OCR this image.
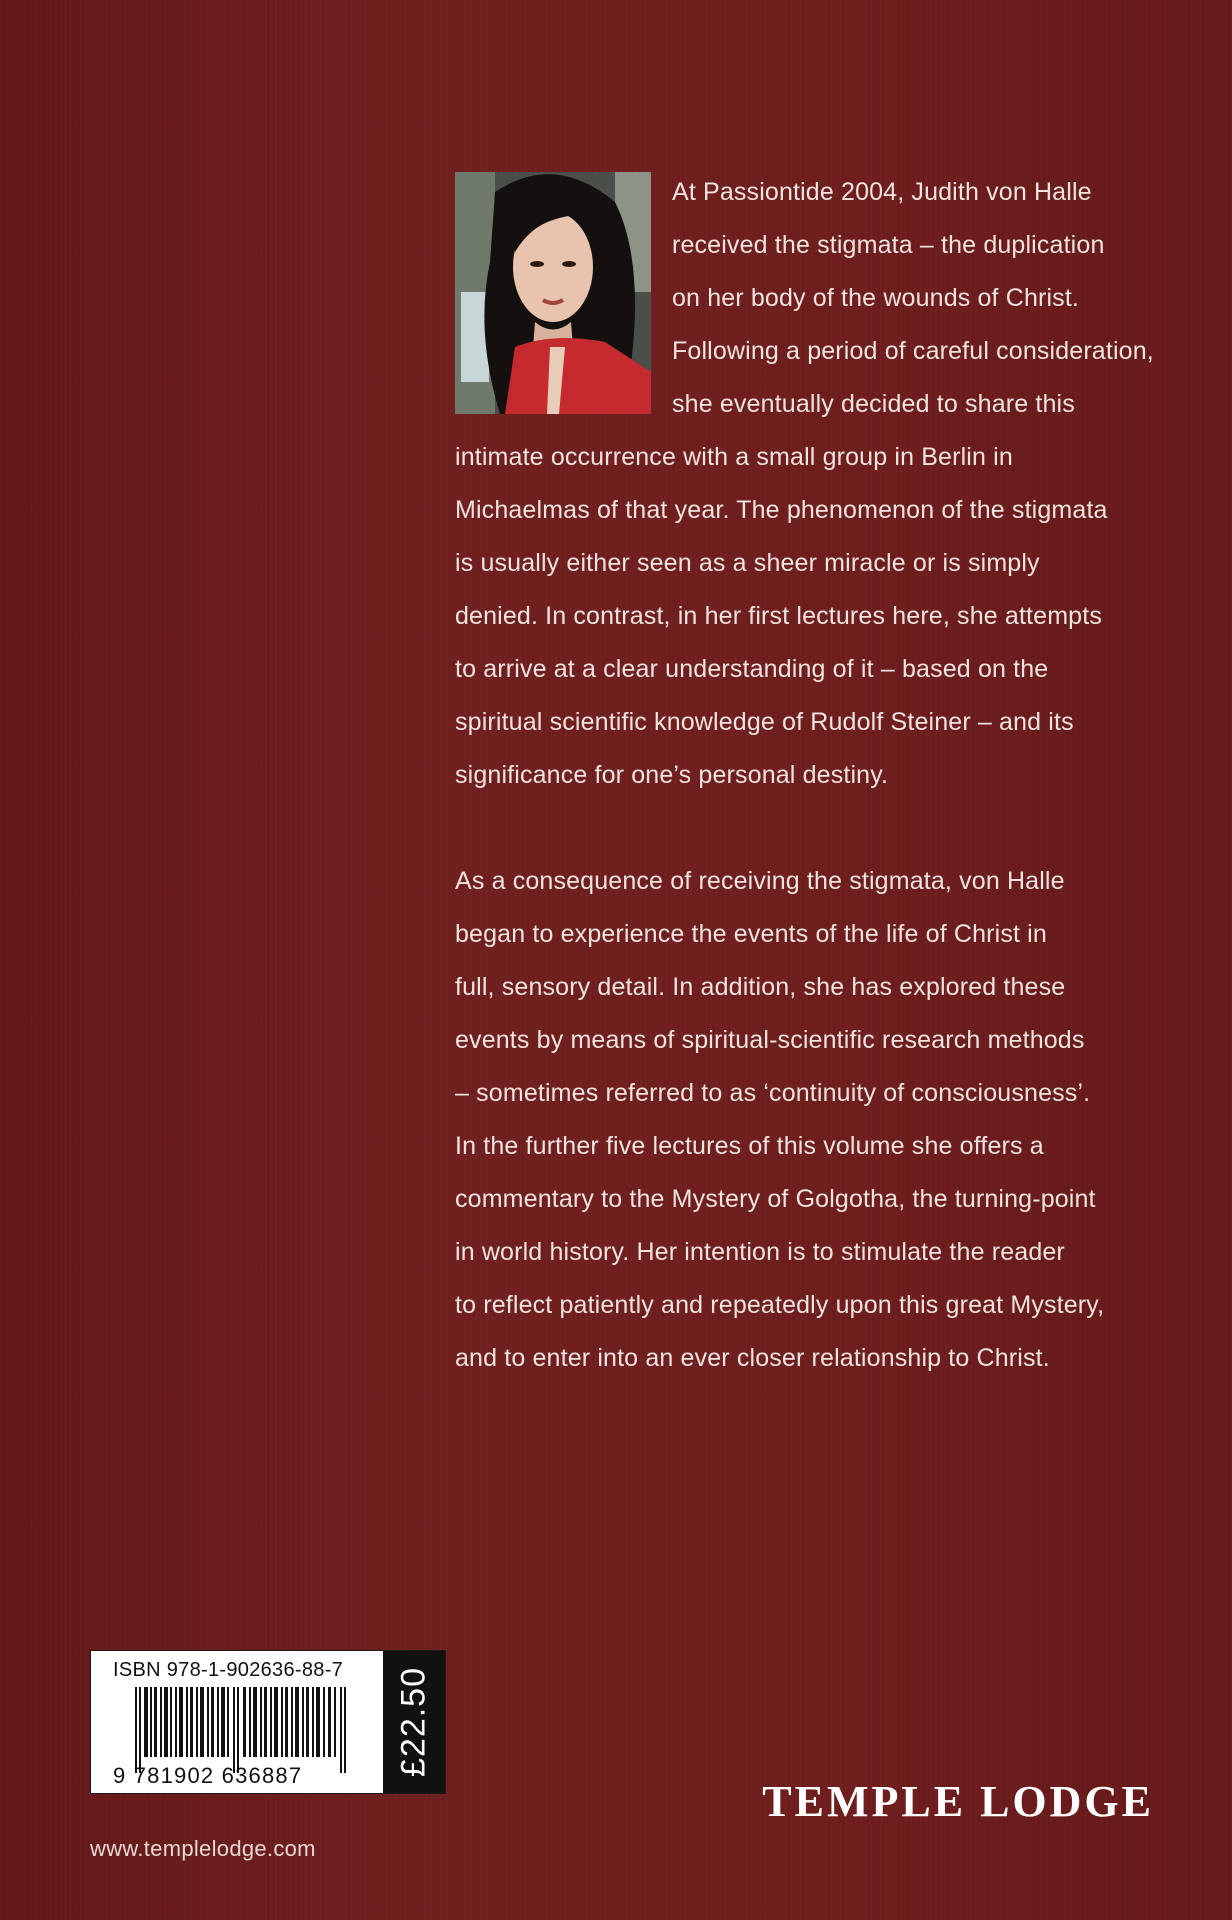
At Passiontide 2004, Judith von Halle

received the stigmata – the duplication

on her body of the wounds of Christ.

Following a period of careful consideration,

she eventually decided to share this

intimate occurrence with a small group in Berlin in

Michaelmas of that year. The phenomenon of the stigmata

is usually either seen as a sheer miracle or is simply

denied. In contrast, in her first lectures here, she attempts

to arrive at a clear understanding of it – based on the

spiritual scientific knowledge of Rudolf Steiner – and its

significance for one’s personal destiny.

As a consequence of receiving the stigmata, von Halle

began to experience the events of the life of Christ in

full, sensory detail. In addition, she has explored these

events by means of spiritual-scientific research methods

– sometimes referred to as ‘continuity of consciousness’.

In the further five lectures of this volume she offers a

commentary to the Mystery of Golgotha, the turning-point

in world history. Her intention is to stimulate the reader

to reflect patiently and repeatedly upon this great Mystery,

and to enter into an ever closer relationship to Christ.

ISBN 978-1-902636-88-7
9 781902 636887	£22.50
www.templelodge.com
TEMPLE LODGE
